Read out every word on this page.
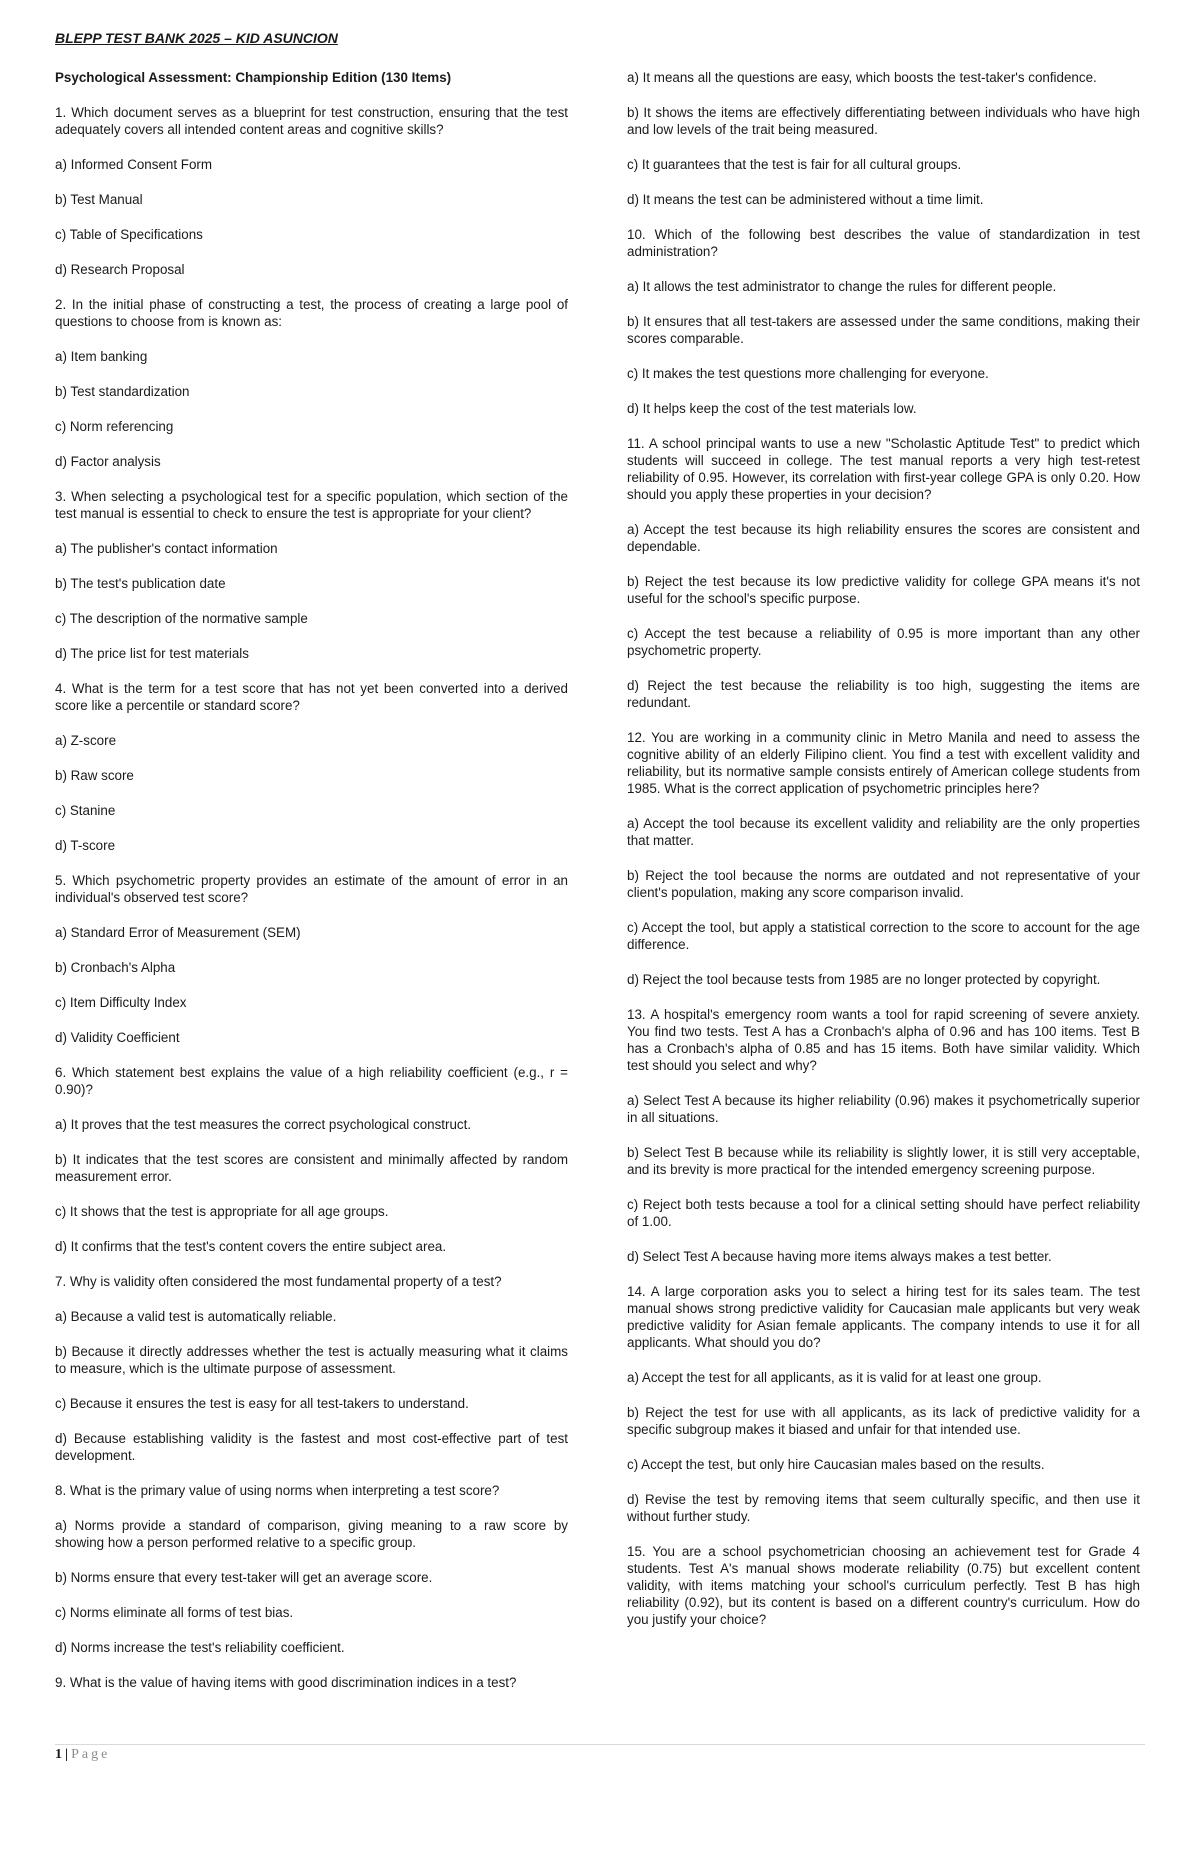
BLEPP TEST BANK 2025 – KID ASUNCION

Psychological Assessment: Championship Edition (130 Items)

1. Which document serves as a blueprint for test construction, ensuring that the test adequately covers all intended content areas and cognitive skills?

a) Informed Consent Form

b) Test Manual

c) Table of Specifications

d) Research Proposal

2. In the initial phase of constructing a test, the process of creating a large pool of questions to choose from is known as:

a) Item banking

b) Test standardization

c) Norm referencing

d) Factor analysis

3. When selecting a psychological test for a specific population, which section of the test manual is essential to check to ensure the test is appropriate for your client?

a) The publisher's contact information

b) The test's publication date

c) The description of the normative sample

d) The price list for test materials

4. What is the term for a test score that has not yet been converted into a derived score like a percentile or standard score?

a) Z-score

b) Raw score

c) Stanine

d) T-score

5. Which psychometric property provides an estimate of the amount of error in an individual's observed test score?

a) Standard Error of Measurement (SEM)

b) Cronbach's Alpha

c) Item Difficulty Index

d) Validity Coefficient

6. Which statement best explains the value of a high reliability coefficient (e.g., r = 0.90)?

a) It proves that the test measures the correct psychological construct.

b) It indicates that the test scores are consistent and minimally affected by random measurement error.

c) It shows that the test is appropriate for all age groups.

d) It confirms that the test's content covers the entire subject area.

7. Why is validity often considered the most fundamental property of a test?

a) Because a valid test is automatically reliable.

b) Because it directly addresses whether the test is actually measuring what it claims to measure, which is the ultimate purpose of assessment.

c) Because it ensures the test is easy for all test-takers to understand.

d) Because establishing validity is the fastest and most cost-effective part of test development.

8. What is the primary value of using norms when interpreting a test score?

a) Norms provide a standard of comparison, giving meaning to a raw score by showing how a person performed relative to a specific group.

b) Norms ensure that every test-taker will get an average score.

c) Norms eliminate all forms of test bias.

d) Norms increase the test's reliability coefficient.

9. What is the value of having items with good discrimination indices in a test?

a) It means all the questions are easy, which boosts the test-taker's confidence.

b) It shows the items are effectively differentiating between individuals who have high and low levels of the trait being measured.

c) It guarantees that the test is fair for all cultural groups.

d) It means the test can be administered without a time limit.

10. Which of the following best describes the value of standardization in test administration?

a) It allows the test administrator to change the rules for different people.

b) It ensures that all test-takers are assessed under the same conditions, making their scores comparable.

c) It makes the test questions more challenging for everyone.

d) It helps keep the cost of the test materials low.

11. A school principal wants to use a new "Scholastic Aptitude Test" to predict which students will succeed in college. The test manual reports a very high test-retest reliability of 0.95. However, its correlation with first-year college GPA is only 0.20. How should you apply these properties in your decision?

a) Accept the test because its high reliability ensures the scores are consistent and dependable.

b) Reject the test because its low predictive validity for college GPA means it's not useful for the school's specific purpose.

c) Accept the test because a reliability of 0.95 is more important than any other psychometric property.

d) Reject the test because the reliability is too high, suggesting the items are redundant.

12. You are working in a community clinic in Metro Manila and need to assess the cognitive ability of an elderly Filipino client. You find a test with excellent validity and reliability, but its normative sample consists entirely of American college students from 1985. What is the correct application of psychometric principles here?

a) Accept the tool because its excellent validity and reliability are the only properties that matter.

b) Reject the tool because the norms are outdated and not representative of your client's population, making any score comparison invalid.

c) Accept the tool, but apply a statistical correction to the score to account for the age difference.

d) Reject the tool because tests from 1985 are no longer protected by copyright.

13. A hospital's emergency room wants a tool for rapid screening of severe anxiety. You find two tests. Test A has a Cronbach's alpha of 0.96 and has 100 items. Test B has a Cronbach's alpha of 0.85 and has 15 items. Both have similar validity. Which test should you select and why?

a) Select Test A because its higher reliability (0.96) makes it psychometrically superior in all situations.

b) Select Test B because while its reliability is slightly lower, it is still very acceptable, and its brevity is more practical for the intended emergency screening purpose.

c) Reject both tests because a tool for a clinical setting should have perfect reliability of 1.00.

d) Select Test A because having more items always makes a test better.

14. A large corporation asks you to select a hiring test for its sales team. The test manual shows strong predictive validity for Caucasian male applicants but very weak predictive validity for Asian female applicants. The company intends to use it for all applicants. What should you do?

a) Accept the test for all applicants, as it is valid for at least one group.

b) Reject the test for use with all applicants, as its lack of predictive validity for a specific subgroup makes it biased and unfair for that intended use.

c) Accept the test, but only hire Caucasian males based on the results.

d) Revise the test by removing items that seem culturally specific, and then use it without further study.

15. You are a school psychometrician choosing an achievement test for Grade 4 students. Test A's manual shows moderate reliability (0.75) but excellent content validity, with items matching your school's curriculum perfectly. Test B has high reliability (0.92), but its content is based on a different country's curriculum. How do you justify your choice?

1 | Page
